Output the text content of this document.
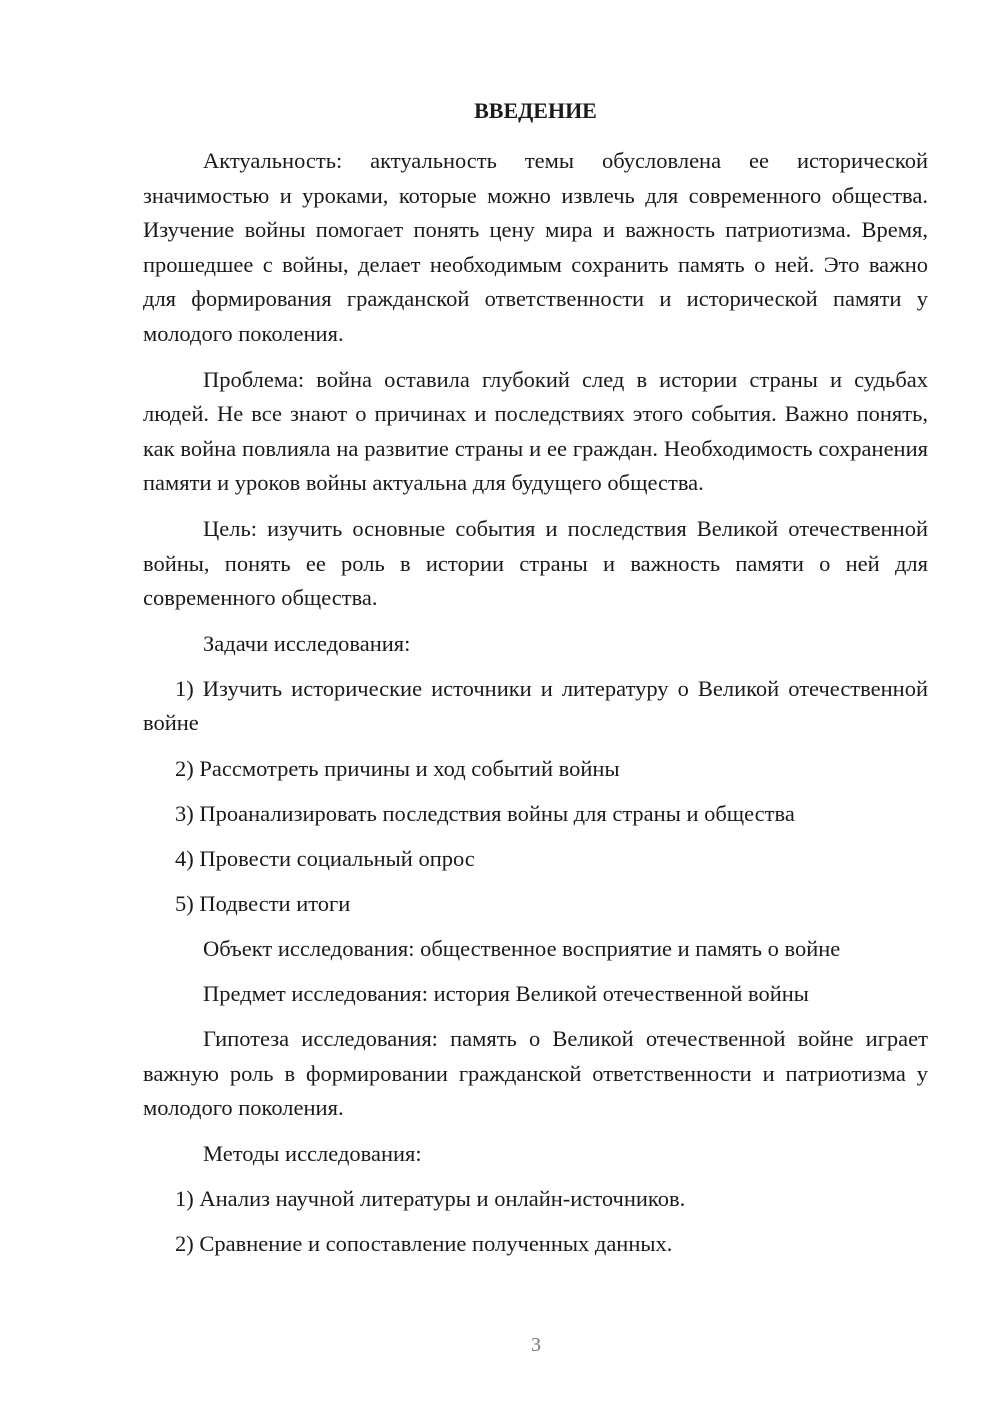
ВВЕДЕНИЕ

Актуальность: актуальность темы обусловлена ее исторической значимостью и уроками, которые можно извлечь для современного общества. Изучение войны помогает понять цену мира и важность патриотизма. Время, прошедшее с войны, делает необходимым сохранить память о ней. Это важно для формирования гражданской ответственности и исторической памяти у молодого поколения.

Проблема: война оставила глубокий след в истории страны и судьбах людей. Не все знают о причинах и последствиях этого события. Важно понять, как война повлияла на развитие страны и ее граждан. Необходимость сохранения памяти и уроков войны актуальна для будущего общества.

Цель: изучить основные события и последствия Великой отечественной войны, понять ее роль в истории страны и важность памяти о ней для современного общества.

Задачи исследования:

1) Изучить исторические источники и литературу о Великой отечественной войне

2) Рассмотреть причины и ход событий войны

3) Проанализировать последствия войны для страны и общества

4) Провести социальный опрос

5) Подвести итоги

Объект исследования: общественное восприятие и память о войне

Предмет исследования: история Великой отечественной войны

Гипотеза исследования: память о Великой отечественной войне играет важную роль в формировании гражданской ответственности и патриотизма у молодого поколения.

Методы исследования:

1) Анализ научной литературы и онлайн-источников.

2) Сравнение и сопоставление полученных данных.

3
